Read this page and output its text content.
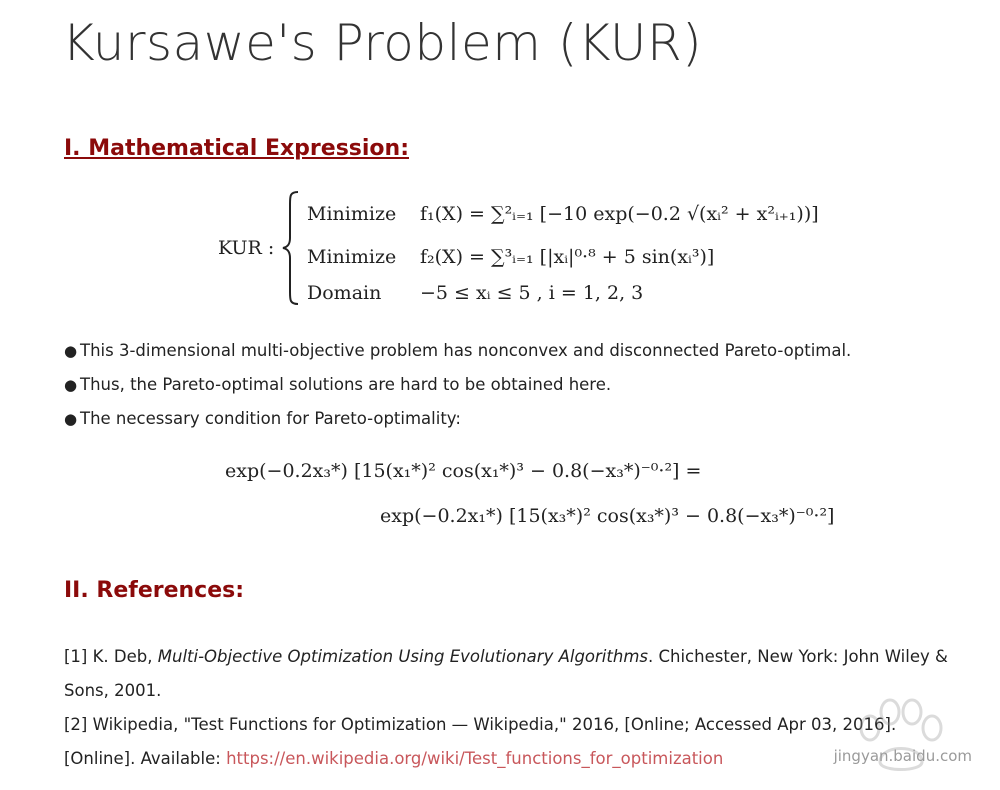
Kursawe's Problem (KUR)
I. Mathematical Expression:
KUR :
Minimize f₁(X) = ∑²ᵢ₌₁ [−10 exp(−0.2 √(xᵢ² + x²ᵢ₊₁))]
Minimize f₂(X) = ∑³ᵢ₌₁ [|xᵢ|⁰·⁸ + 5 sin(xᵢ³)]
Domain −5 ≤ xᵢ ≤ 5 , i = 1, 2, 3
● This 3-dimensional multi-objective problem has nonconvex and disconnected Pareto-optimal.
● Thus, the Pareto-optimal solutions are hard to be obtained here.
● The necessary condition for Pareto-optimality:
exp(−0.2x₃*) [15(x₁*)² cos(x₁*)³ − 0.8(−x₃*)⁻⁰·²] =
exp(−0.2x₁*) [15(x₃*)² cos(x₃*)³ − 0.8(−x₃*)⁻⁰·²]
II. References:
[1] K. Deb, Multi-Objective Optimization Using Evolutionary Algorithms. Chichester, New York: John Wiley & Sons, 2001.
[2] Wikipedia, "Test Functions for Optimization — Wikipedia," 2016, [Online; Accessed Apr 03, 2016]. [Online]. Available: https://en.wikipedia.org/wiki/Test_functions_for_optimization	jingyan.baidu.com
